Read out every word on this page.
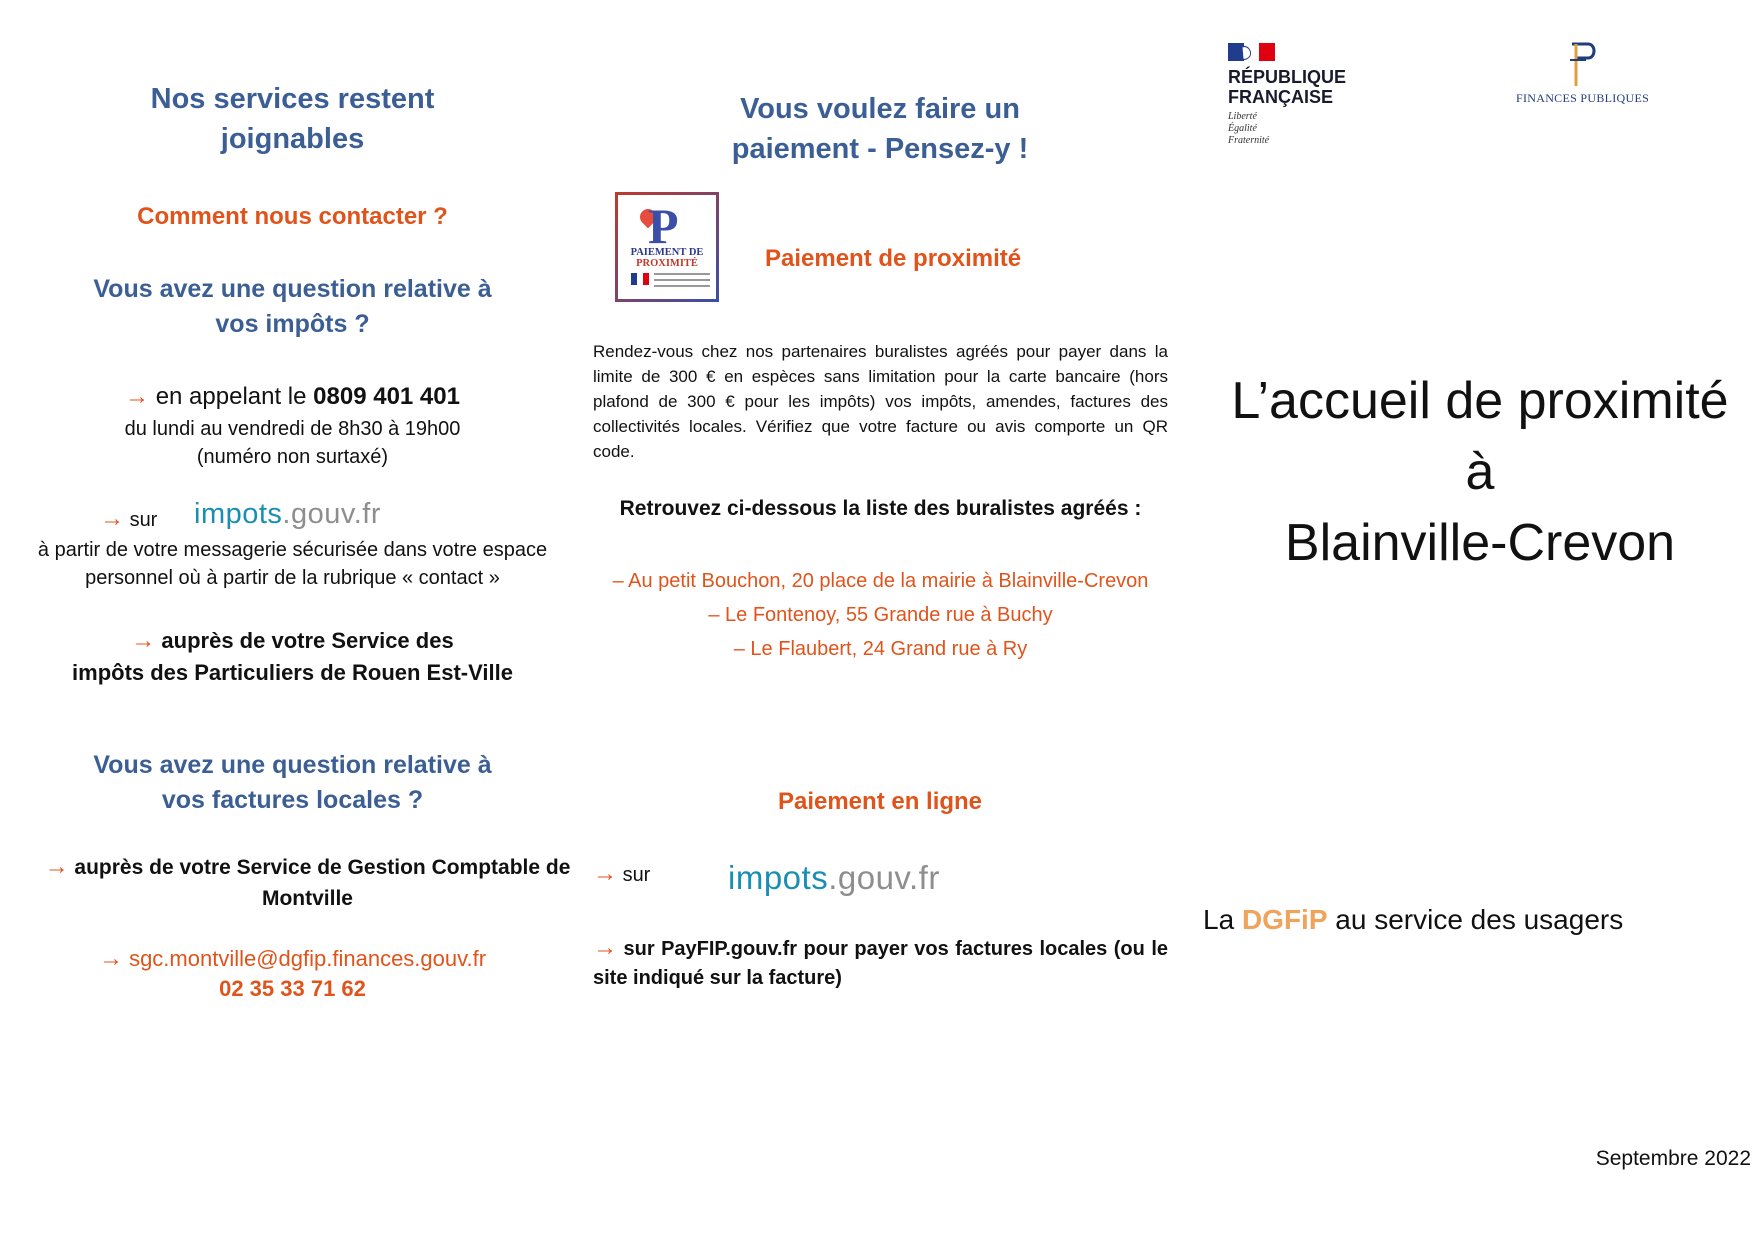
Nos services restent
joignables
Comment nous contacter ?
Vous avez une question relative à
vos impôts ?
→ en appelant le 0809 401 401
du lundi au vendredi de 8h30 à 19h00
(numéro non surtaxé)
→ sur impots.gouv.fr
à partir de votre messagerie sécurisée dans votre espace
personnel où à partir de la rubrique « contact »
→ auprès de votre Service des
impôts des Particuliers de Rouen Est-Ville
Vous avez une question relative à
vos factures locales ?
→ auprès de votre Service de Gestion Comptable de
Montville
→ sgc.montville@dgfip.finances.gouv.fr
02 35 33 71 62
Vous voulez faire un
paiement - Pensez-y !
P
PAIEMENT DE
PROXIMITÉ	Paiement de proximité
Rendez-vous chez nos partenaires buralistes agréés pour payer dans la limite de 300 € en espèces sans limitation pour la carte bancaire (hors plafond de 300 € pour les impôts) vos impôts, amendes, factures des collectivités locales. Vérifiez que votre facture ou avis comporte un QR code.
Retrouvez ci-dessous la liste des buralistes agréés :
– Au petit Bouchon, 20 place de la mairie à Blainville-Crevon
– Le Fontenoy, 55 Grande rue à Buchy
– Le Flaubert, 24 Grand rue à Ry
Paiement en ligne
→ sur impots.gouv.fr
→ sur PayFIP.gouv.fr pour payer vos factures locales (ou le site indiqué sur la facture)
RÉPUBLIQUE
FRANÇAISE
Liberté
Égalité
Fraternité
FINANCES PUBLIQUES
L’accueil de proximité
à
Blainville-Crevon
La DGFiP au service des usagers
Septembre 2022
